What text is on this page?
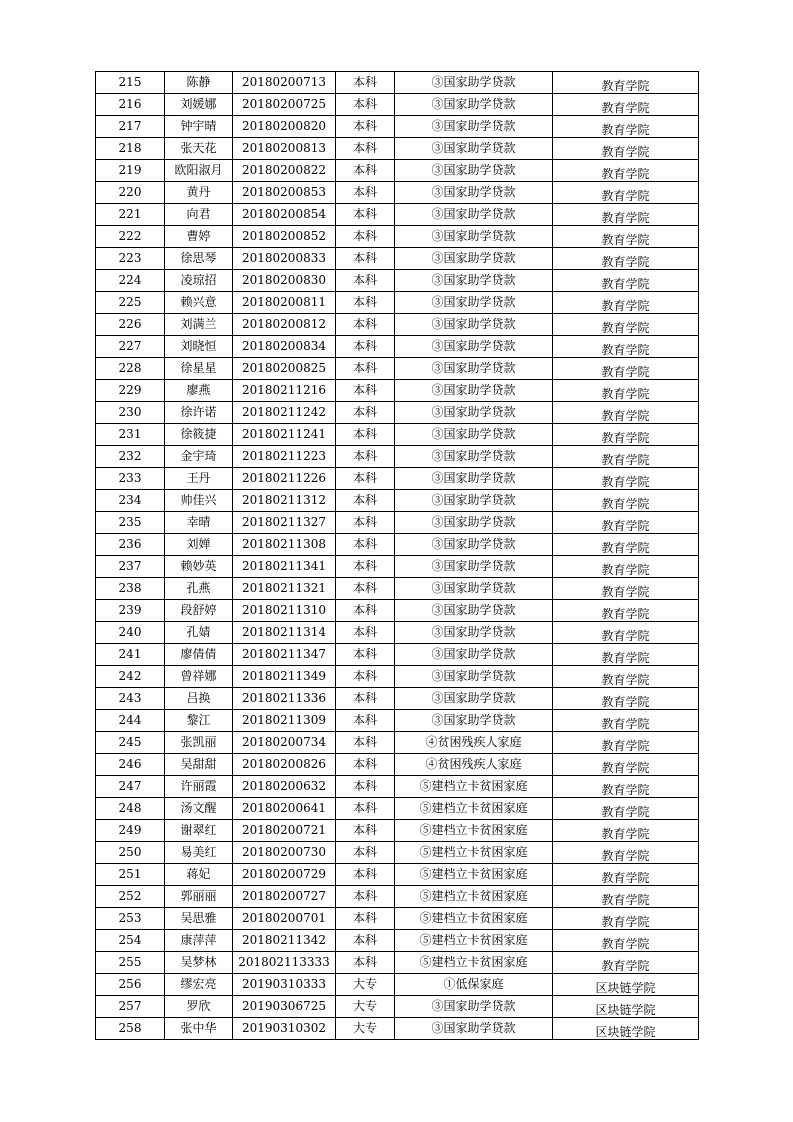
215	陈静	20180200713	本科	③国家助学贷款	教育学院
216	刘媛娜	20180200725	本科	③国家助学贷款	教育学院
217	钟宇晴	20180200820	本科	③国家助学贷款	教育学院
218	张天花	20180200813	本科	③国家助学贷款	教育学院
219	欧阳淑月	20180200822	本科	③国家助学贷款	教育学院
220	黄丹	20180200853	本科	③国家助学贷款	教育学院
221	向君	20180200854	本科	③国家助学贷款	教育学院
222	曹婷	20180200852	本科	③国家助学贷款	教育学院
223	徐思琴	20180200833	本科	③国家助学贷款	教育学院
224	凌琼招	20180200830	本科	③国家助学贷款	教育学院
225	赖兴意	20180200811	本科	③国家助学贷款	教育学院
226	刘满兰	20180200812	本科	③国家助学贷款	教育学院
227	刘晓恒	20180200834	本科	③国家助学贷款	教育学院
228	徐星星	20180200825	本科	③国家助学贷款	教育学院
229	廖燕	20180211216	本科	③国家助学贷款	教育学院
230	徐许诺	20180211242	本科	③国家助学贷款	教育学院
231	徐筱捷	20180211241	本科	③国家助学贷款	教育学院
232	金宇琦	20180211223	本科	③国家助学贷款	教育学院
233	王丹	20180211226	本科	③国家助学贷款	教育学院
234	帅佳兴	20180211312	本科	③国家助学贷款	教育学院
235	幸晴	20180211327	本科	③国家助学贷款	教育学院
236	刘婵	20180211308	本科	③国家助学贷款	教育学院
237	赖妙英	20180211341	本科	③国家助学贷款	教育学院
238	孔燕	20180211321	本科	③国家助学贷款	教育学院
239	段舒婷	20180211310	本科	③国家助学贷款	教育学院
240	孔婧	20180211314	本科	③国家助学贷款	教育学院
241	廖倩倩	20180211347	本科	③国家助学贷款	教育学院
242	曾祥娜	20180211349	本科	③国家助学贷款	教育学院
243	吕换	20180211336	本科	③国家助学贷款	教育学院
244	黎江	20180211309	本科	③国家助学贷款	教育学院
245	张凯丽	20180200734	本科	④贫困残疾人家庭	教育学院
246	吴甜甜	20180200826	本科	④贫困残疾人家庭	教育学院
247	许丽霞	20180200632	本科	⑤建档立卡贫困家庭	教育学院
248	汤文醒	20180200641	本科	⑤建档立卡贫困家庭	教育学院
249	谢翠红	20180200721	本科	⑤建档立卡贫困家庭	教育学院
250	易美红	20180200730	本科	⑤建档立卡贫困家庭	教育学院
251	蒋妃	20180200729	本科	⑤建档立卡贫困家庭	教育学院
252	郭丽丽	20180200727	本科	⑤建档立卡贫困家庭	教育学院
253	吴思雅	20180200701	本科	⑤建档立卡贫困家庭	教育学院
254	康萍萍	20180211342	本科	⑤建档立卡贫困家庭	教育学院
255	吴梦林	201802113333	本科	⑤建档立卡贫困家庭	教育学院
256	缪宏亮	20190310333	大专	①低保家庭	区块链学院
257	罗欣	20190306725	大专	③国家助学贷款	区块链学院
258	张中华	20190310302	大专	③国家助学贷款	区块链学院
